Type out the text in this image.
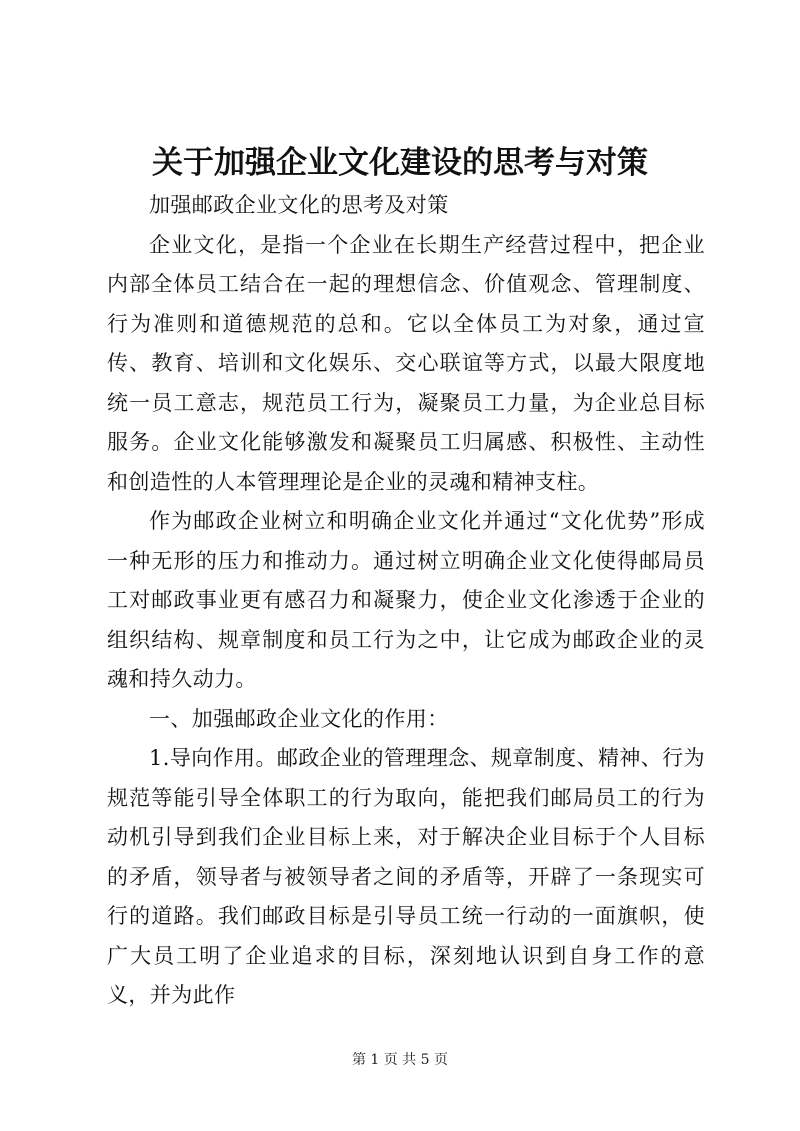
关于加强企业文化建设的思考与对策

加强邮政企业文化的思考及对策

企业文化，是指一个企业在长期生产经营过程中，把企业内部全体员工结合在一起的理想信念、价值观念、管理制度、行为准则和道德规范的总和。它以全体员工为对象，通过宣传、教育、培训和文化娱乐、交心联谊等方式，以最大限度地统一员工意志，规范员工行为，凝聚员工力量，为企业总目标服务。企业文化能够激发和凝聚员工归属感、积极性、主动性和创造性的人本管理理论是企业的灵魂和精神支柱。

作为邮政企业树立和明确企业文化并通过“文化优势”形成一种无形的压力和推动力。通过树立明确企业文化使得邮局员工对邮政事业更有感召力和凝聚力，使企业文化渗透于企业的组织结构、规章制度和员工行为之中，让它成为邮政企业的灵魂和持久动力。

一、加强邮政企业文化的作用：

1.导向作用。邮政企业的管理理念、规章制度、精神、行为规范等能引导全体职工的行为取向，能把我们邮局员工的行为动机引导到我们企业目标上来，对于解决企业目标于个人目标的矛盾，领导者与被领导者之间的矛盾等，开辟了一条现实可行的道路。我们邮政目标是引导员工统一行动的一面旗帜，使广大员工明了企业追求的目标，深刻地认识到自身工作的意义，并为此作

第 1 页 共 5 页
